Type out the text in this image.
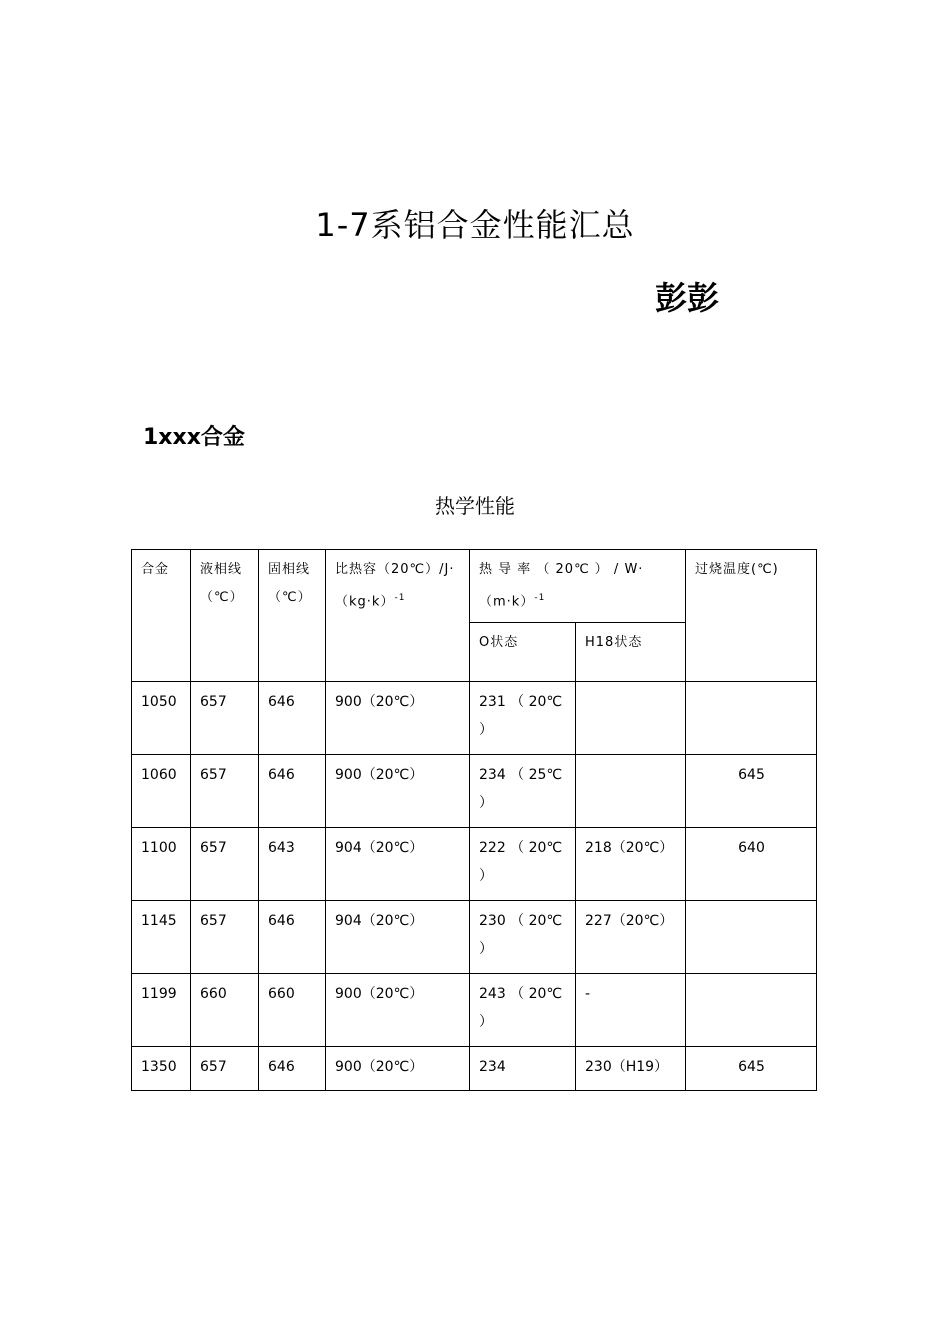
1-7系铝合金性能汇总
彭彭
1xxx合金
热学性能
合金	液相线（℃）	固相线（℃）	比热容$(20℃)/J\cdot(kg\cdot k)^{-1}$	热 导 率 （ 20℃ ） / $W\cdot(m\cdot k)^{-1}$		过烧温度(℃)
				O状态	H18状态	
1050	657	646	900（20℃）	231 （ 20℃ ）		
1060	657	646	900（20℃）	234 （ 25℃ ）		645
1100	657	643	904（20℃）	222 （ 20℃ ）	218（20℃）	640
1145	657	646	904（20℃）	230 （ 20℃ ）	227（20℃）	
1199	660	660	900（20℃）	243 （ 20℃ ）	-	
1350	657	646	900（20℃）	234	230（H19）	645
